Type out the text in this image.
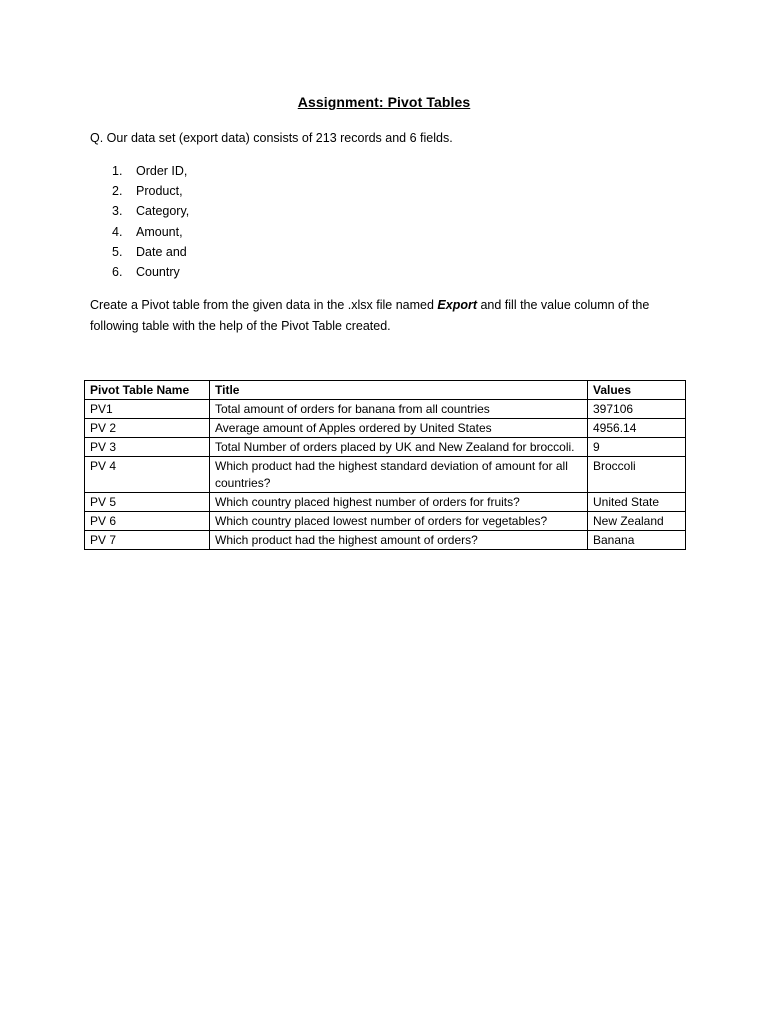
Assignment: Pivot Tables
Q. Our data set (export data) consists of 213 records and 6 fields.
1.	Order ID,
2.	Product,
3.	Category,
4.	Amount,
5.	Date and
6.	Country
Create a Pivot table from the given data in the .xlsx file named Export and fill the value column of the following table with the help of the Pivot Table created.
Pivot Table Name	Title	Values
PV1	Total amount of orders for banana from all countries	397106
PV 2	Average amount of Apples ordered by United States	4956.14
PV 3	Total Number of orders placed by UK and New Zealand for broccoli.	9
PV 4	Which product had the highest standard deviation of amount for all countries?	Broccoli
PV 5	Which country placed highest number of orders for fruits?	United State
PV 6	Which country placed lowest number of orders for vegetables?	New Zealand
PV 7	Which product had the highest amount of orders?	Banana
